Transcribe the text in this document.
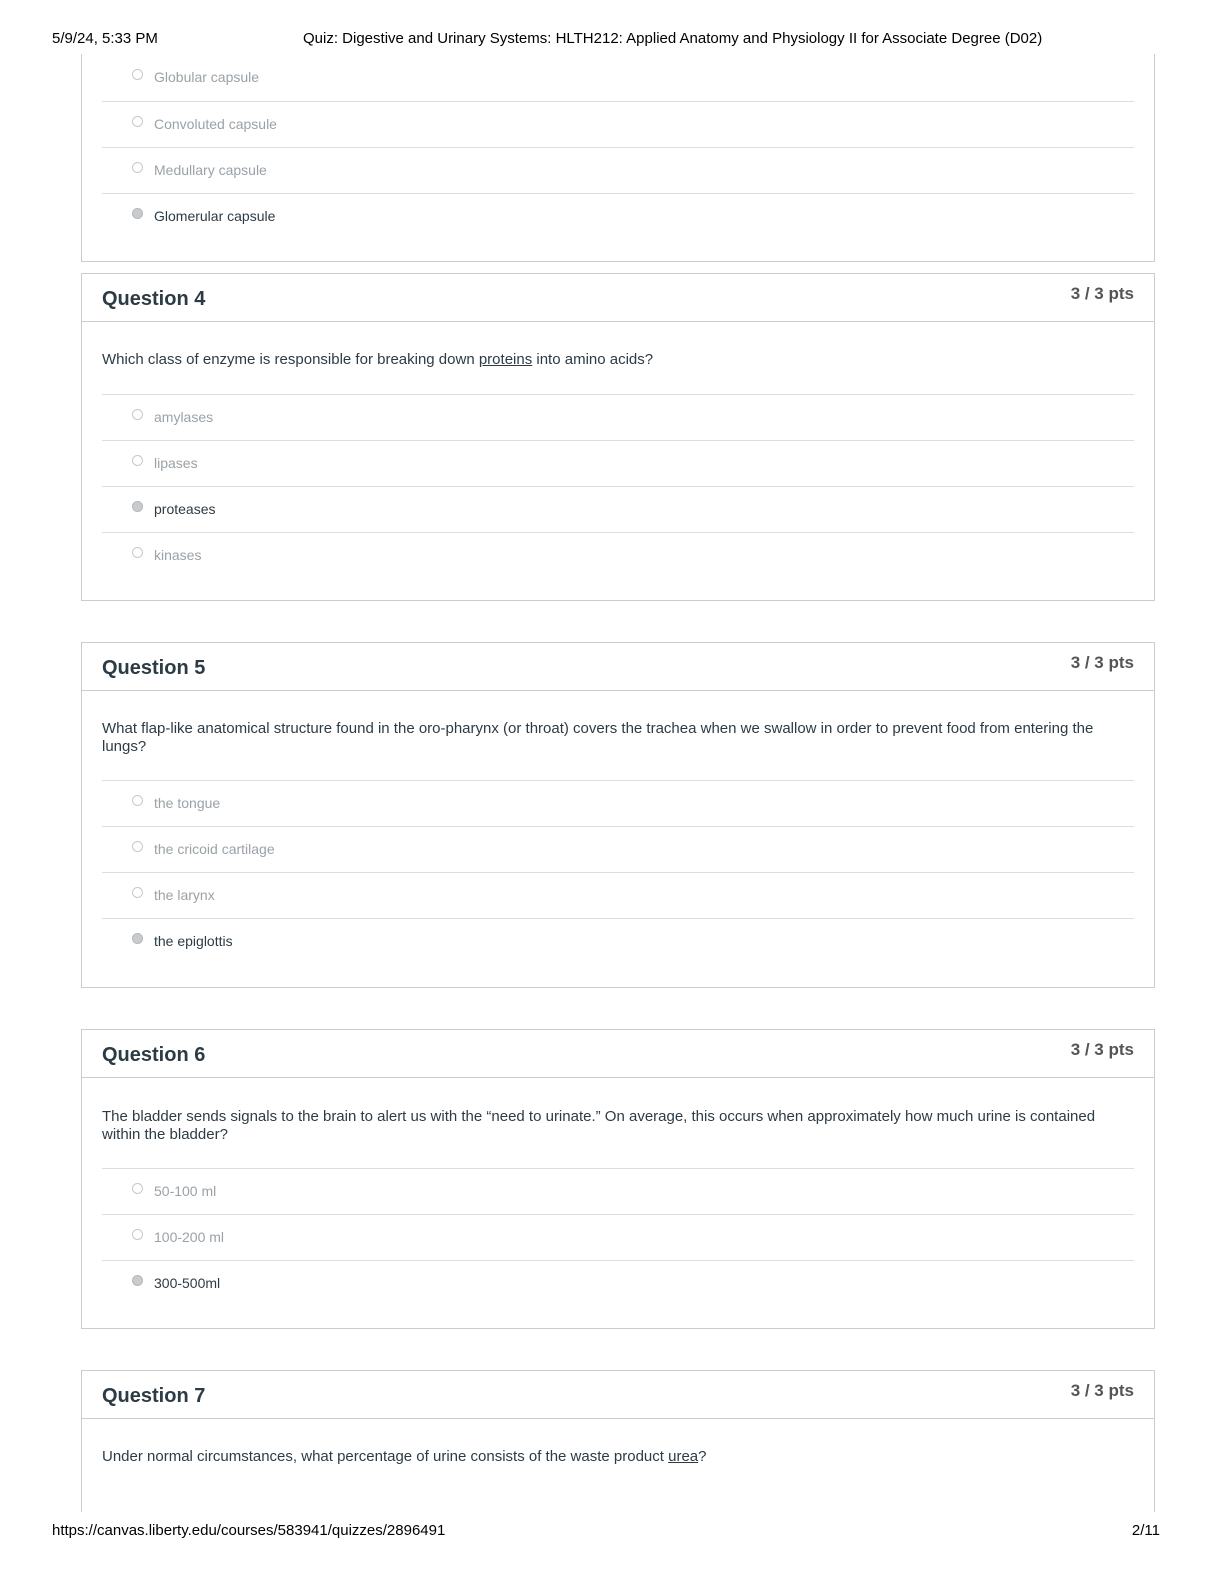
5/9/24, 5:33 PM	Quiz: Digestive and Urinary Systems: HLTH212: Applied Anatomy and Physiology II for Associate Degree (D02)
Globular capsule
Convoluted capsule
Medullary capsule
Glomerular capsule
Question 4	3 / 3 pts
Which class of enzyme is responsible for breaking down proteins into amino acids?
amylases
lipases
proteases
kinases
Question 5	3 / 3 pts
What flap-like anatomical structure found in the oro-pharynx (or throat) covers the trachea when we swallow in order to prevent food from entering the lungs?
the tongue
the cricoid cartilage
the larynx
the epiglottis
Question 6	3 / 3 pts
The bladder sends signals to the brain to alert us with the “need to urinate.” On average, this occurs when approximately how much urine is contained within the bladder?
50-100 ml
100-200 ml
300-500ml
Question 7	3 / 3 pts
Under normal circumstances, what percentage of urine consists of the waste product urea?
https://canvas.liberty.edu/courses/583941/quizzes/2896491	2/11
